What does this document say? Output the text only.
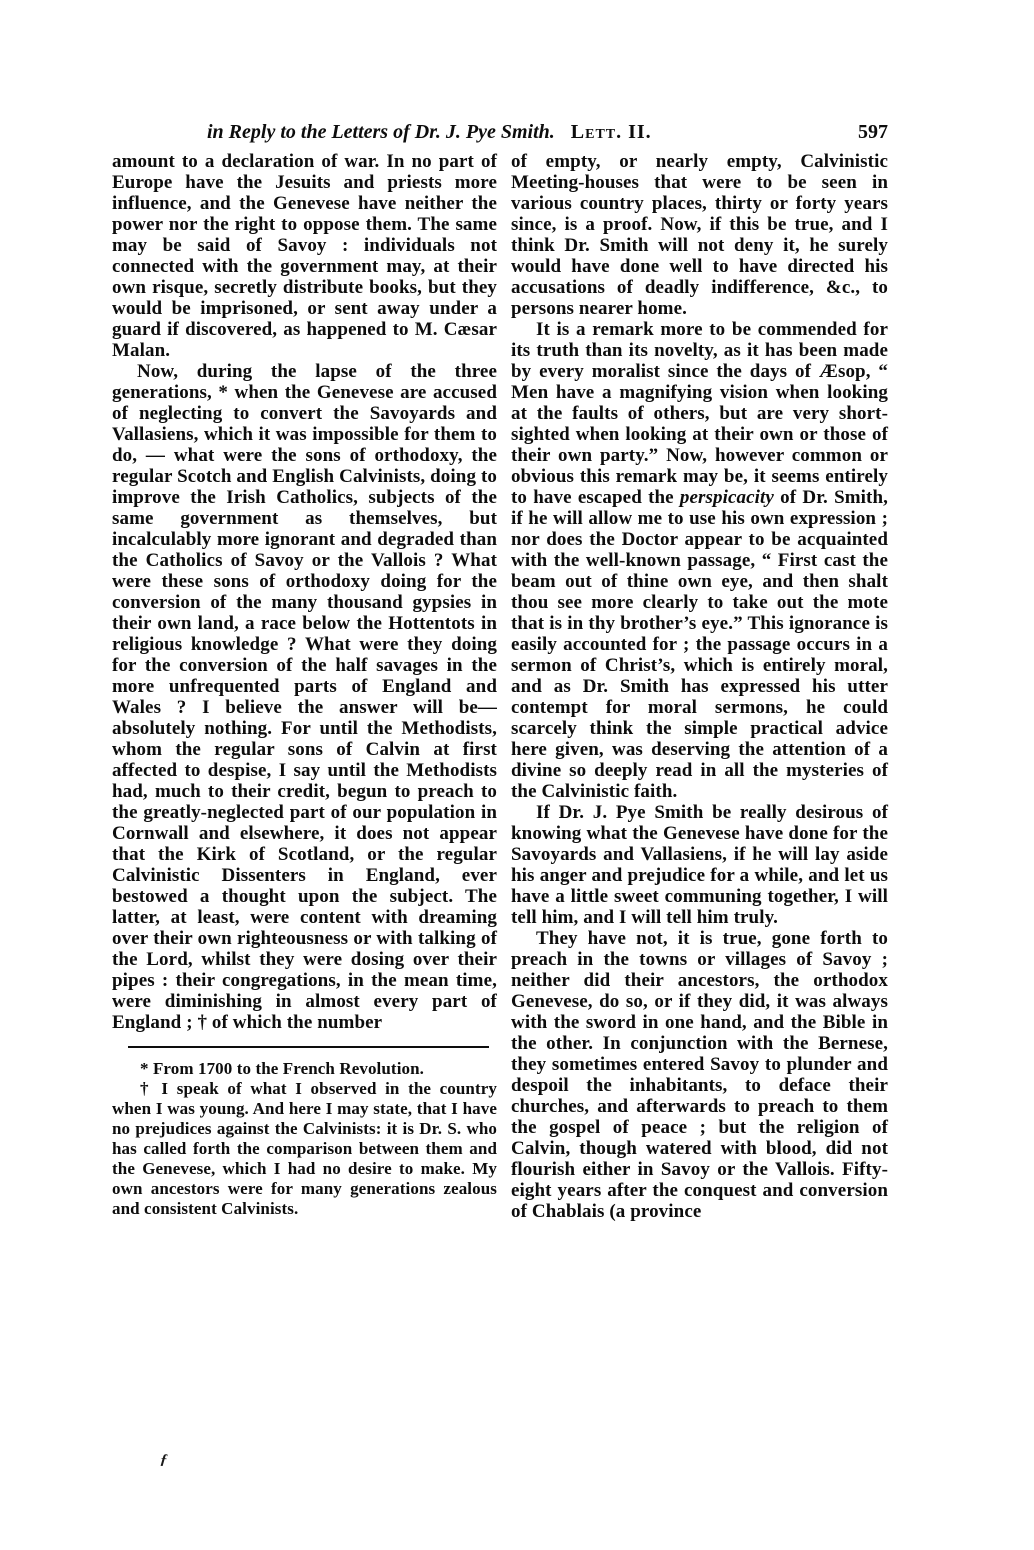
in Reply to the Letters of Dr. J. Pye Smith. Lett. II.	597

amount to a declaration of war. In no part of Europe have the Jesuits and priests more influence, and the Genevese have neither the power nor the right to oppose them. The same may be said of Savoy : individuals not connected with the government may, at their own risque, secretly distribute books, but they would be imprisoned, or sent away under a guard if discovered, as happened to M. Cæsar Malan.

Now, during the lapse of the three generations, * when the Genevese are accused of neglecting to convert the Savoyards and Vallasiens, which it was impossible for them to do, — what were the sons of orthodoxy, the regular Scotch and English Calvinists, doing to improve the Irish Catholics, subjects of the same government as themselves, but incalculably more ignorant and degraded than the Catholics of Savoy or the Vallois ? What were these sons of orthodoxy doing for the conversion of the many thousand gypsies in their own land, a race below the Hottentots in religious knowledge ? What were they doing for the conversion of the half savages in the more unfrequented parts of England and Wales ? I believe the answer will be—absolutely nothing. For until the Methodists, whom the regular sons of Calvin at first affected to despise, I say until the Methodists had, much to their credit, begun to preach to the greatly-neglected part of our population in Cornwall and elsewhere, it does not appear that the Kirk of Scotland, or the regular Calvinistic Dissenters in England, ever bestowed a thought upon the subject. The latter, at least, were content with dreaming over their own righteousness or with talking of the Lord, whilst they were dosing over their pipes : their congregations, in the mean time, were diminishing in almost every part of England ; † of which the number

* From 1700 to the French Revolution.

† I speak of what I observed in the country when I was young. And here I may state, that I have no prejudices against the Calvinists: it is Dr. S. who has called forth the comparison between them and the Genevese, which I had no desire to make. My own ancestors were for many generations zealous and consistent Calvinists.

of empty, or nearly empty, Calvinistic Meeting-houses that were to be seen in various country places, thirty or forty years since, is a proof. Now, if this be true, and I think Dr. Smith will not deny it, he surely would have done well to have directed his accusations of deadly indifference, &c., to persons nearer home.

It is a remark more to be commended for its truth than its novelty, as it has been made by every moralist since the days of Æsop, “ Men have a magnifying vision when looking at the faults of others, but are very short-sighted when looking at their own or those of their own party.” Now, however common or obvious this remark may be, it seems entirely to have escaped the perspicacity of Dr. Smith, if he will allow me to use his own expression ; nor does the Doctor appear to be acquainted with the well-known passage, “ First cast the beam out of thine own eye, and then shalt thou see more clearly to take out the mote that is in thy brother’s eye.” This ignorance is easily accounted for ; the passage occurs in a sermon of Christ’s, which is entirely moral, and as Dr. Smith has expressed his utter contempt for moral sermons, he could scarcely think the simple practical advice here given, was deserving the attention of a divine so deeply read in all the mysteries of the Calvinistic faith.

If Dr. J. Pye Smith be really desirous of knowing what the Genevese have done for the Savoyards and Vallasiens, if he will lay aside his anger and prejudice for a while, and let us have a little sweet communing together, I will tell him, and I will tell him truly.

They have not, it is true, gone forth to preach in the towns or villages of Savoy ; neither did their ancestors, the orthodox Genevese, do so, or if they did, it was always with the sword in one hand, and the Bible in the other. In conjunction with the Bernese, they sometimes entered Savoy to plunder and despoil the inhabitants, to deface their churches, and afterwards to preach to them the gospel of peace ; but the religion of Calvin, though watered with blood, did not flourish either in Savoy or the Vallois. Fifty-eight years after the conquest and conversion of Chablais (a province

ƒ
